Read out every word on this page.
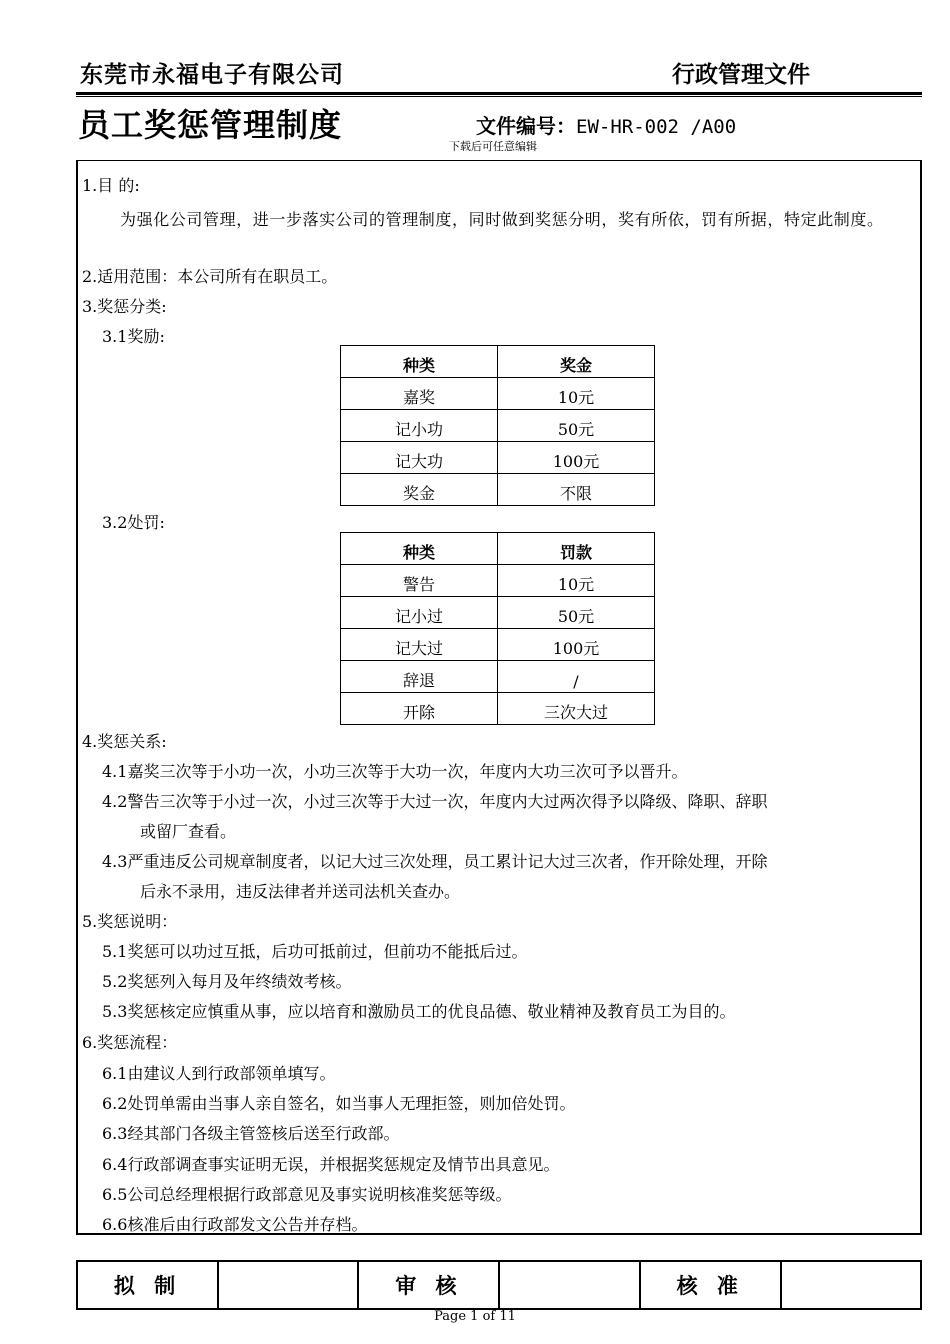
东莞市永福电子有限公司	行政管理文件
员工奖惩管理制度	文件编号：EW-HR-002 /A00
下载后可任意编辑
1.目 的:
为强化公司管理，进一步落实公司的管理制度，同时做到奖惩分明，奖有所依，罚有所据，特定此制度。
2.适用范围：本公司所有在职员工。
3.奖惩分类:
3.1奖励:
种类	奖金
嘉奖	10元
记小功	50元
记大功	100元
奖金	不限
3.2处罚:
种类	罚款
警告	10元
记小过	50元
记大过	100元
辞退	/
开除	三次大过
4.奖惩关系:
4.1嘉奖三次等于小功一次，小功三次等于大功一次，年度内大功三次可予以晋升。
4.2警告三次等于小过一次，小过三次等于大过一次，年度内大过两次得予以降级、降职、辞职
或留厂查看。
4.3严重违反公司规章制度者，以记大过三次处理，员工累计记大过三次者，作开除处理，开除
后永不录用，违反法律者并送司法机关查办。
5.奖惩说明：
5.1奖惩可以功过互抵，后功可抵前过，但前功不能抵后过。
5.2奖惩列入每月及年终绩效考核。
5.3奖惩核定应慎重从事，应以培育和激励员工的优良品德、敬业精神及教育员工为目的。
6.奖惩流程：
6.1由建议人到行政部领单填写。
6.2处罚单需由当事人亲自签名，如当事人无理拒签，则加倍处罚。
6.3经其部门各级主管签核后送至行政部。
6.4行政部调查事实证明无误，并根据奖惩规定及情节出具意见。
6.5公司总经理根据行政部意见及事实说明核准奖惩等级。
6.6核准后由行政部发文公告并存档。
拟 制		审 核		核 准	
Page 1 of 11
